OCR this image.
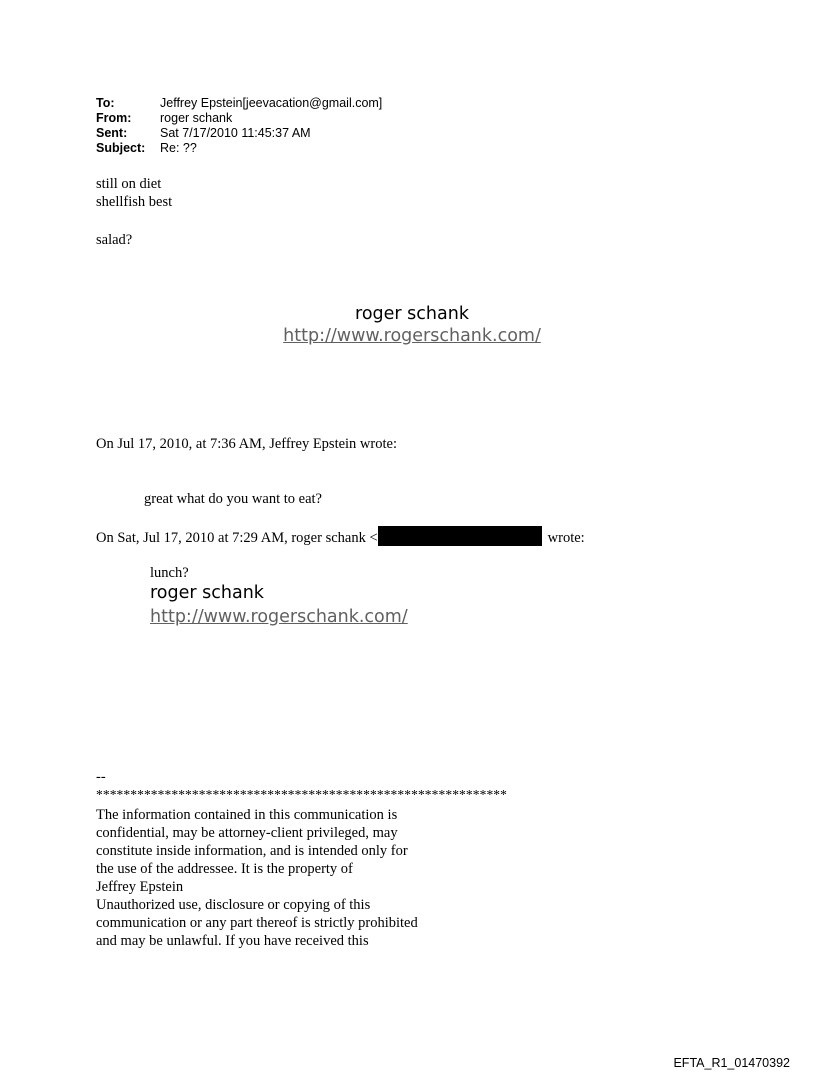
To:	Jeffrey Epstein[jeevacation@gmail.com]
From:	roger schank
Sent:	Sat 7/17/2010 11:45:37 AM
Subject:	Re: ??
still on diet
shellfish best
salad?
roger schank
http://www.rogerschank.com/
On Jul 17, 2010, at 7:36 AM, Jeffrey Epstein wrote:
great what do you want to eat?
On Sat, Jul 17, 2010 at 7:29 AM, roger schank <	wrote:
lunch?
roger schank
http://www.rogerschank.com/
--
************************************************************
The information contained in this communication is
confidential, may be attorney-client privileged, may
constitute inside information, and is intended only for
the use of the addressee. It is the property of
Jeffrey Epstein
Unauthorized use, disclosure or copying of this
communication or any part thereof is strictly prohibited
and may be unlawful. If you have received this
EFTA_R1_01470392
